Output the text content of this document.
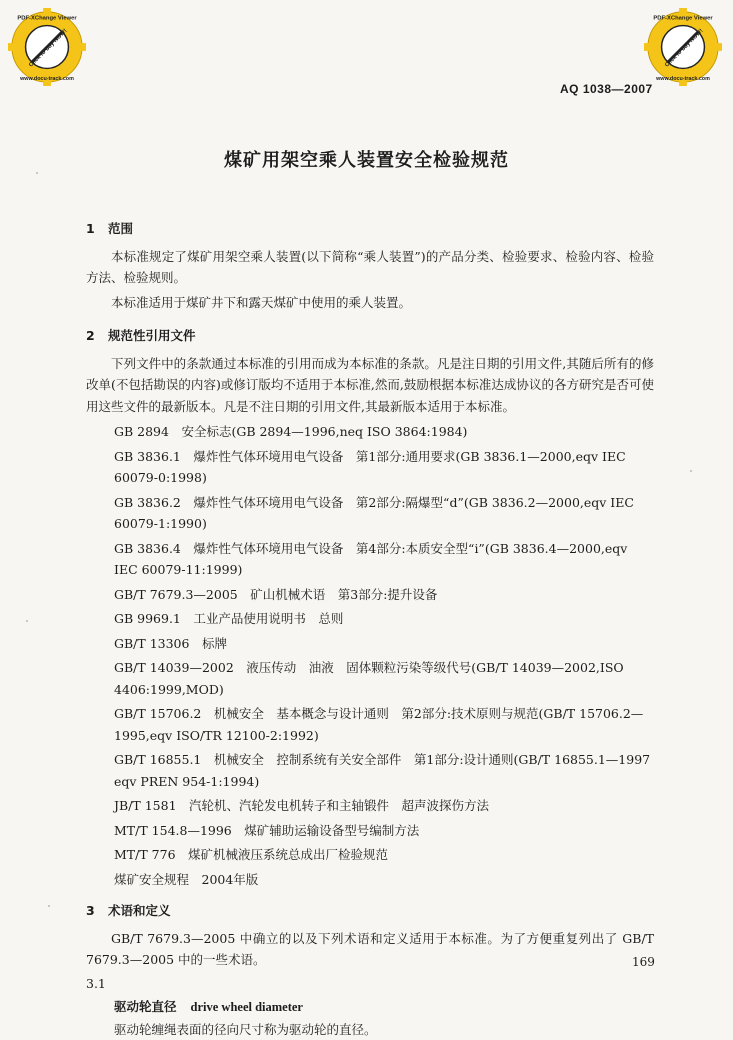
PDF-XChange Viewer
Click to buy NOW!
www.docu-track.com
PDF-XChange Viewer
Click to buy NOW!
www.docu-track.com
AQ 1038—2007
煤矿用架空乘人装置安全检验规范
1 范围

本标准规定了煤矿用架空乘人装置(以下简称“乘人装置”)的产品分类、检验要求、检验内容、检验方法、检验规则。

本标准适用于煤矿井下和露天煤矿中使用的乘人装置。

2 规范性引用文件

下列文件中的条款通过本标准的引用而成为本标准的条款。凡是注日期的引用文件,其随后所有的修改单(不包括勘误的内容)或修订版均不适用于本标准,然而,鼓励根据本标准达成协议的各方研究是否可使用这些文件的最新版本。凡是不注日期的引用文件,其最新版本适用于本标准。

GB 2894　安全标志(GB 2894—1996,neq ISO 3864:1984)
GB 3836.1　爆炸性气体环境用电气设备　第1部分:通用要求(GB 3836.1—2000,eqv IEC 60079-0:1998)
GB 3836.2　爆炸性气体环境用电气设备　第2部分:隔爆型“d”(GB 3836.2—2000,eqv IEC 60079-1:1990)
GB 3836.4　爆炸性气体环境用电气设备　第4部分:本质安全型“i”(GB 3836.4—2000,eqv IEC 60079-11:1999)
GB/T 7679.3—2005　矿山机械术语　第3部分:提升设备
GB 9969.1　工业产品使用说明书　总则
GB/T 13306　标牌
GB/T 14039—2002　液压传动　油液　固体颗粒污染等级代号(GB/T 14039—2002,ISO 4406:1999,MOD)
GB/T 15706.2　机械安全　基本概念与设计通则　第2部分:技术原则与规范(GB/T 15706.2—1995,eqv ISO/TR 12100-2:1992)
GB/T 16855.1　机械安全　控制系统有关安全部件　第1部分:设计通则(GB/T 16855.1—1997 eqv PREN 954-1:1994)
JB/T 1581　汽轮机、汽轮发电机转子和主轴锻件　超声波探伤方法
MT/T 154.8—1996　煤矿辅助运输设备型号编制方法
MT/T 776　煤矿机械液压系统总成出厂检验规范
煤矿安全规程　2004年版
3 术语和定义

GB/T 7679.3—2005 中确立的以及下列术语和定义适用于本标准。为了方便重复列出了 GB/T 7679.3—2005 中的一些术语。

3.1
驱动轮直径 drive wheel diameter
驱动轮缠绳表面的径向尺寸称为驱动轮的直径。
169
